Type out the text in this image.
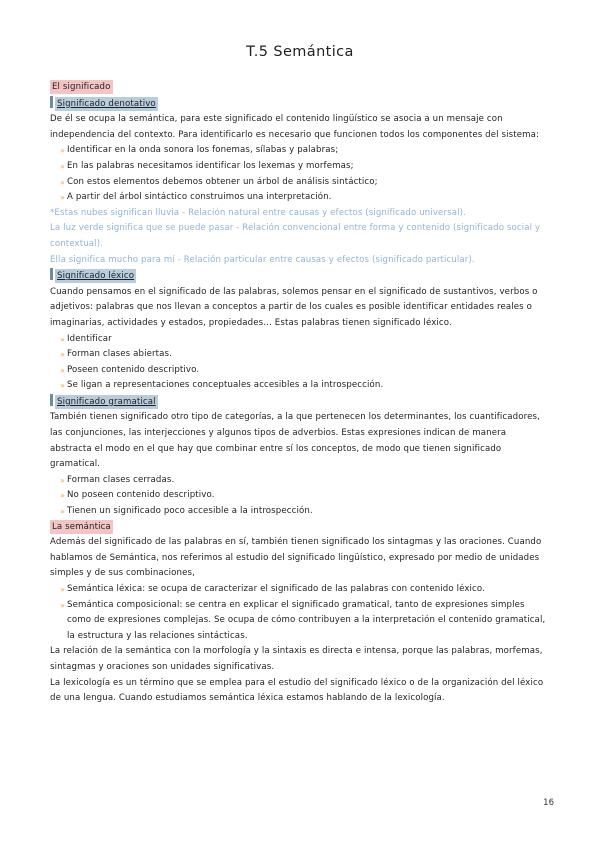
T.5 Semántica

El significado

Significado denotativo

De él se ocupa la semántica, para este significado el contenido lingüístico se asocia a un mensaje con independencia del contexto. Para identificarlo es necesario que funcionen todos los componentes del sistema:

» Identificar en la onda sonora los fonemas, sílabas y palabras;
» En las palabras necesitamos identificar los lexemas y morfemas;
» Con estos elementos debemos obtener un árbol de análisis sintáctico;
» A partir del árbol sintáctico construimos una interpretación.

*Estas nubes significan lluvia - Relación natural entre causas y efectos (significado universal).

La luz verde significa que se puede pasar - Relación convencional entre forma y contenido (significado social y contextual).

Ella significa mucho para mí - Relación particular entre causas y efectos (significado particular).

Significado léxico

Cuando pensamos en el significado de las palabras, solemos pensar en el significado de sustantivos, verbos o adjetivos: palabras que nos llevan a conceptos a partir de los cuales es posible identificar entidades reales o imaginarias, actividades y estados, propiedades… Estas palabras tienen significado léxico.

» Identificar
» Forman clases abiertas.
» Poseen contenido descriptivo.
» Se ligan a representaciones conceptuales accesibles a la introspección.

Significado gramatical

También tienen significado otro tipo de categorías, a la que pertenecen los determinantes, los cuantificadores, las conjunciones, las interjecciones y algunos tipos de adverbios. Estas expresiones indican de manera abstracta el modo en el que hay que combinar entre sí los conceptos, de modo que tienen significado gramatical.

» Forman clases cerradas.
» No poseen contenido descriptivo.
» Tienen un significado poco accesible a la introspección.

La semántica

Además del significado de las palabras en sí, también tienen significado los sintagmas y las oraciones. Cuando hablamos de Semántica, nos referimos al estudio del significado lingüístico, expresado por medio de unidades simples y de sus combinaciones,

» Semántica léxica: se ocupa de caracterizar el significado de las palabras con contenido léxico.
» Semántica composicional: se centra en explicar el significado gramatical, tanto de expresiones simples como de expresiones complejas. Se ocupa de cómo contribuyen a la interpretación el contenido gramatical, la estructura y las relaciones sintácticas.

La relación de la semántica con la morfología y la sintaxis es directa e intensa, porque las palabras, morfemas, sintagmas y oraciones son unidades significativas.

La lexicología es un término que se emplea para el estudio del significado léxico o de la organización del léxico de una lengua. Cuando estudiamos semántica léxica estamos hablando de la lexicología.

16
